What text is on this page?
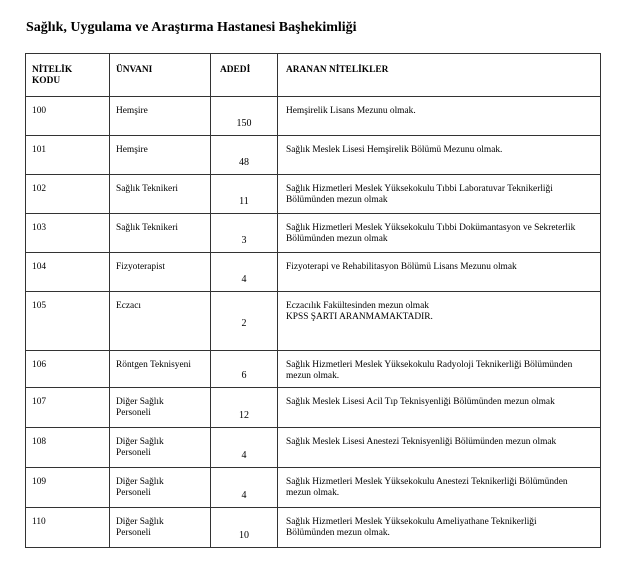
Sağlık, Uygulama ve Araştırma Hastanesi Başhekimliği
NİTELİK
KODU	ÜNVANI	ADEDİ	ARANAN NİTELİKLER

100	Hemşire	150	Hemşirelik Lisans Mezunu olmak.

101	Hemşire	48	Sağlık Meslek Lisesi Hemşirelik Bölümü Mezunu olmak.

102	Sağlık Teknikeri	11	Sağlık Hizmetleri Meslek Yüksekokulu Tıbbi Laboratuvar Teknikerliği
Bölümünden mezun olmak

103	Sağlık Teknikeri	3	Sağlık Hizmetleri Meslek Yüksekokulu Tıbbi Dokümantasyon ve Sekreterlik
Bölümünden mezun olmak

104	Fizyoterapist	4	Fizyoterapi ve Rehabilitasyon Bölümü Lisans Mezunu olmak

105	Eczacı	2	Eczacılık Fakültesinden mezun olmak
KPSS ŞARTI ARANMAMAKTADIR.

106	Röntgen Teknisyeni	6	Sağlık Hizmetleri Meslek Yüksekokulu Radyoloji Teknikerliği Bölümünden
mezun olmak.

107	Diğer Sağlık
Personeli	12	Sağlık Meslek Lisesi Acil Tıp Teknisyenliği Bölümünden mezun olmak

108	Diğer Sağlık
Personeli	4	Sağlık Meslek Lisesi Anestezi Teknisyenliği Bölümünden mezun olmak

109	Diğer Sağlık
Personeli	4	Sağlık Hizmetleri Meslek Yüksekokulu Anestezi Teknikerliği Bölümünden
mezun olmak.

110	Diğer Sağlık
Personeli	10	Sağlık Hizmetleri Meslek Yüksekokulu Ameliyathane Teknikerliği
Bölümünden mezun olmak.
